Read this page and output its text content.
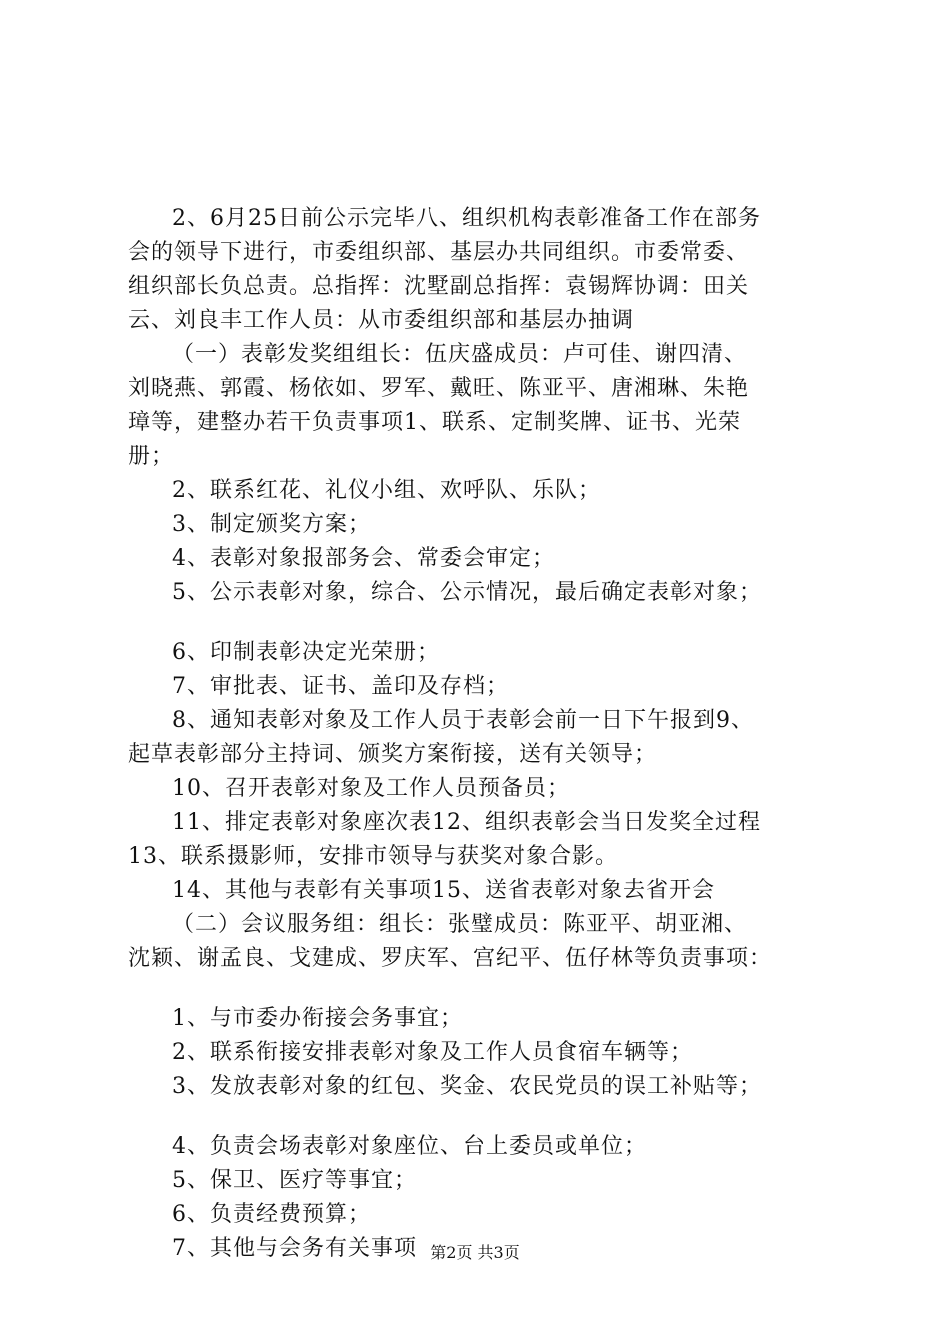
2、6月25日前公示完毕八、组织机构表彰准备工作在部务
会的领导下进行，市委组织部、基层办共同组织。市委常委、
组织部长负总责。总指挥：沈墅副总指挥：袁锡辉协调：田关
云、刘良丰工作人员：从市委组织部和基层办抽调
（一）表彰发奖组组长：伍庆盛成员：卢可佳、谢四清、
刘晓燕、郭霞、杨依如、罗军、戴旺、陈亚平、唐湘琳、朱艳
璋等，建整办若干负责事项1、联系、定制奖牌、证书、光荣
册；
2、联系红花、礼仪小组、欢呼队、乐队；
3、制定颁奖方案；
4、表彰对象报部务会、常委会审定；
5、公示表彰对象，综合、公示情况，最后确定表彰对象；
6、印制表彰决定光荣册；
7、审批表、证书、盖印及存档；
8、通知表彰对象及工作人员于表彰会前一日下午报到9、
起草表彰部分主持词、颁奖方案衔接，送有关领导；
10、召开表彰对象及工作人员预备员；
11、排定表彰对象座次表12、组织表彰会当日发奖全过程
13、联系摄影师，安排市领导与获奖对象合影。
14、其他与表彰有关事项15、送省表彰对象去省开会
（二）会议服务组：组长：张璧成员：陈亚平、胡亚湘、
沈颖、谢孟良、戈建成、罗庆军、宫纪平、伍仔林等负责事项：
1、与市委办衔接会务事宜；
2、联系衔接安排表彰对象及工作人员食宿车辆等；
3、发放表彰对象的红包、奖金、农民党员的误工补贴等；
4、负责会场表彰对象座位、台上委员或单位；
5、保卫、医疗等事宜；
6、负责经费预算；
7、其他与会务有关事项 第2页 共3页
